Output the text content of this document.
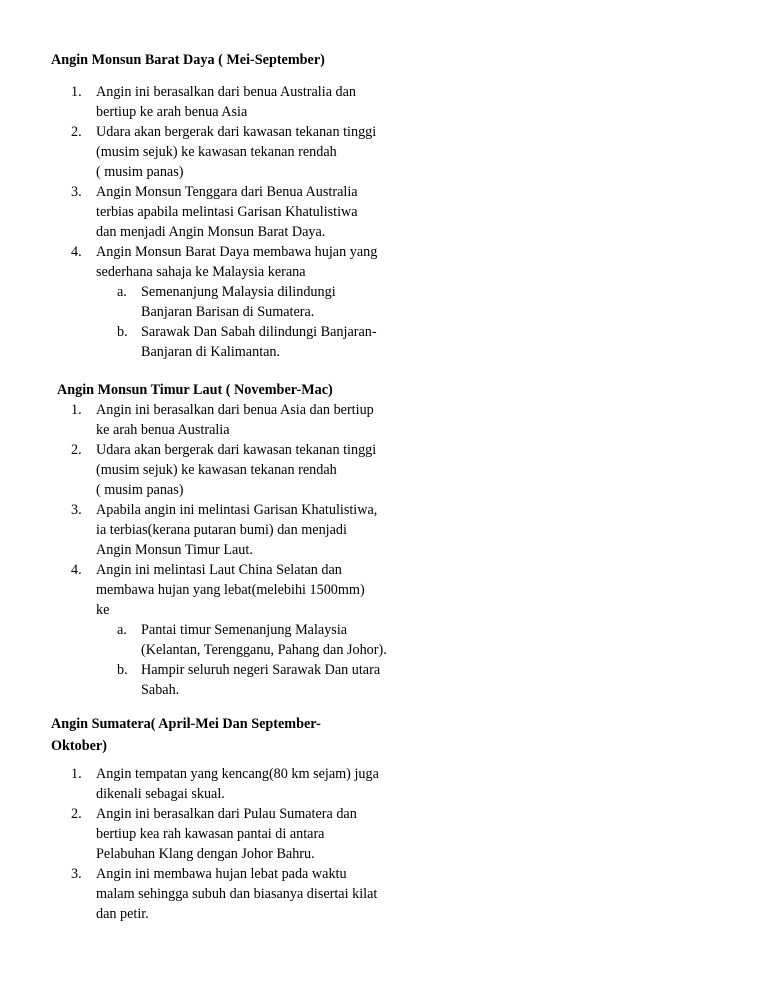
Angin Monsun Barat Daya ( Mei-September)
1.	Angin ini berasalkan dari benua Australia dan
bertiup ke arah benua Asia
2.	Udara akan bergerak dari kawasan tekanan tinggi
(musim sejuk) ke kawasan tekanan rendah
( musim panas)
3.	Angin Monsun Tenggara dari Benua Australia
terbias apabila melintasi Garisan Khatulistiwa
dan menjadi Angin Monsun Barat Daya.
4.	Angin Monsun Barat Daya membawa hujan yang
sederhana sahaja ke Malaysia kerana
a. Semenanjung Malaysia dilindungi
Banjaran Barisan di Sumatera.
b. Sarawak Dan Sabah dilindungi Banjaran-
Banjaran di Kalimantan.
Angin Monsun Timur Laut ( November-Mac)
1.	Angin ini berasalkan dari benua Asia dan bertiup
ke arah benua Australia
2.	Udara akan bergerak dari kawasan tekanan tinggi
(musim sejuk) ke kawasan tekanan rendah
( musim panas)
3.	Apabila angin ini melintasi Garisan Khatulistiwa,
ia terbias(kerana putaran bumi) dan menjadi
Angin Monsun Timur Laut.
4.	Angin ini melintasi Laut China Selatan dan
membawa hujan yang lebat(melebihi 1500mm)
ke
a. Pantai timur Semenanjung Malaysia
(Kelantan, Terengganu, Pahang dan Johor).
b. Hampir seluruh negeri Sarawak Dan utara
Sabah.
Angin Sumatera( April-Mei Dan September-
Oktober)
1.	Angin tempatan yang kencang(80 km sejam) juga
dikenali sebagai skual.
2.	Angin ini berasalkan dari Pulau Sumatera dan
bertiup kea rah kawasan pantai di antara
Pelabuhan Klang dengan Johor Bahru.
3.	Angin ini membawa hujan lebat pada waktu
malam sehingga subuh dan biasanya disertai kilat
dan petir.
